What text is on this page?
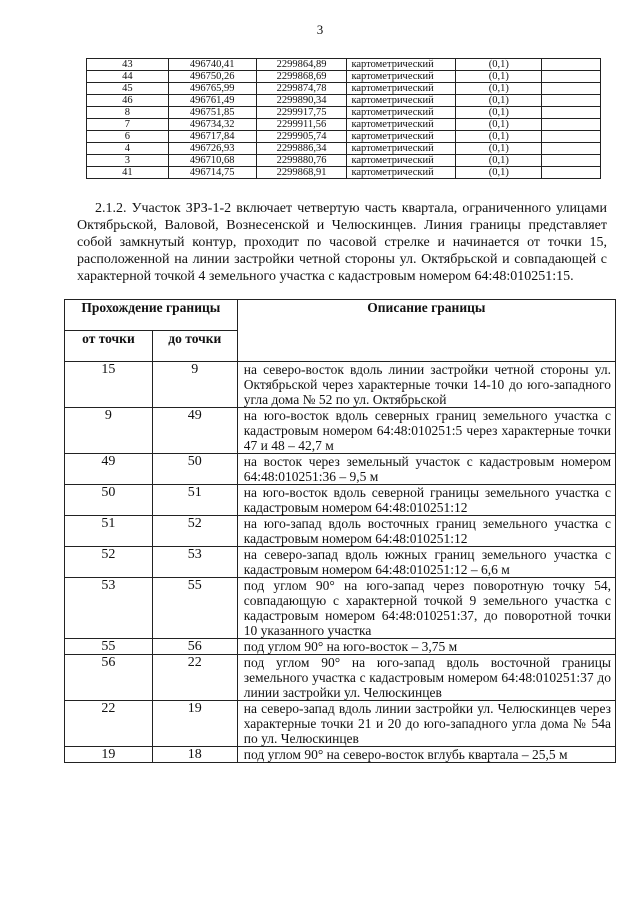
3
43	496740,41	2299864,89	картометрический	(0,1)	
44	496750,26	2299868,69	картометрический	(0,1)	
45	496765,99	2299874,78	картометрический	(0,1)	
46	496761,49	2299890,34	картометрический	(0,1)	
8	496751,85	2299917,75	картометрический	(0,1)	
7	496734,32	2299911,56	картометрический	(0,1)	
6	496717,84	2299905,74	картометрический	(0,1)	
4	496726,93	2299886,34	картометрический	(0,1)	
3	496710,68	2299880,76	картометрический	(0,1)	
41	496714,75	2299868,91	картометрический	(0,1)	

2.1.2. Участок ЗРЗ-1-2 включает четвертую часть квартала, ограниченного улицами Октябрьской, Валовой, Вознесенской и Челюскинцев. Линия границы представляет собой замкнутый контур, проходит по часовой стрелке и начинается от точки 15, расположенной на линии застройки четной стороны ул. Октябрьской и совпадающей с характерной точкой 4 земельного участка с кадастровым номером 64:48:010251:15.

Прохождение границы		Описание границы
от точки	до точки	
15	9	на северо-восток вдоль линии застройки четной стороны ул. Октябрьской через характерные точки 14-10 до юго-западного угла дома № 52 по ул. Октябрьской
9	49	на юго-восток вдоль северных границ земельного участка с кадастровым номером 64:48:010251:5 через характерные точки 47 и 48 – 42,7 м
49	50	на восток через земельный участок с кадастровым номером 64:48:010251:36 – 9,5 м
50	51	на юго-восток вдоль северной границы земельного участка с кадастровым номером 64:48:010251:12
51	52	на юго-запад вдоль восточных границ земельного участка с кадастровым номером 64:48:010251:12
52	53	на северо-запад вдоль южных границ земельного участка с кадастровым номером 64:48:010251:12 – 6,6 м
53	55	под углом 90° на юго-запад через поворотную точку 54, совпадающую с характерной точкой 9 земельного участка с кадастровым номером 64:48:010251:37, до поворотной точки 10 указанного участка
55	56	под углом 90° на юго-восток – 3,75 м
56	22	под углом 90° на юго-запад вдоль восточной границы земельного участка с кадастровым номером 64:48:010251:37 до линии застройки ул. Челюскинцев
22	19	на северо-запад вдоль линии застройки ул. Челюскинцев через характерные точки 21 и 20 до юго-западного угла дома № 54а по ул. Челюскинцев
19	18	под углом 90° на северо-восток вглубь квартала – 25,5 м
